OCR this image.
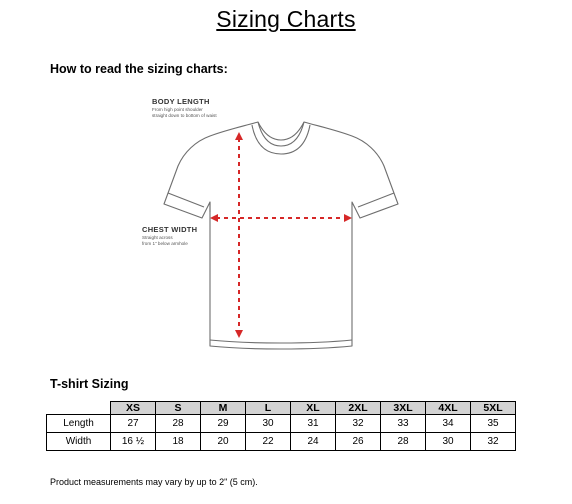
Sizing Charts
How to read the sizing charts:
BODY LENGTH
From high point shoulder
straight down to bottom of waist
CHEST WIDTH
Straight across
from 1" below armhole
T-shirt Sizing
	XS	S	M	L	XL	2XL	3XL	4XL	5XL
Length	27	28	29	30	31	32	33	34	35
Width	16 ½	18	20	22	24	26	28	30	32
Product measurements may vary by up to 2" (5 cm).
